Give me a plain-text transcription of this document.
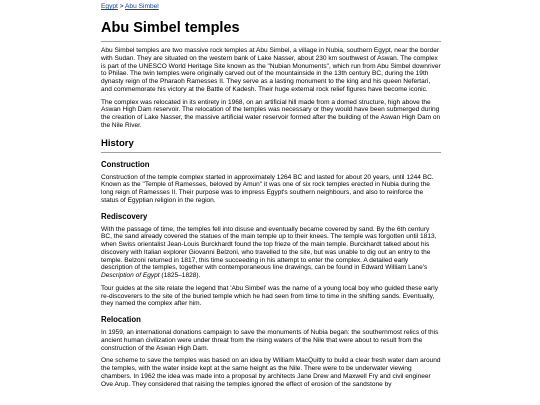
Egypt > Abu Simbel
Abu Simbel temples

Abu Simbel temples are two massive rock temples at Abu Simbel, a village in Nubia, southern Egypt, near the border with Sudan. They are situated on the western bank of Lake Nasser, about 230 km southwest of Aswan. The complex is part of the UNESCO World Heritage Site known as the "Nubian Monuments", which run from Abu Simbel downriver to Philae. The twin temples were originally carved out of the mountainside in the 13th century BC, during the 19th dynasty reign of the Pharaoh Ramesses II. They serve as a lasting monument to the king and his queen Nefertari, and commemorate his victory at the Battle of Kadesh. Their huge external rock relief figures have become iconic.

The complex was relocated in its entirety in 1968, on an artificial hill made from a domed structure, high above the Aswan High Dam reservoir. The relocation of the temples was necessary or they would have been submerged during the creation of Lake Nasser, the massive artificial water reservoir formed after the building of the Aswan High Dam on the Nile River.

History
Construction

Construction of the temple complex started in approximately 1264 BC and lasted for about 20 years, until 1244 BC. Known as the "Temple of Ramesses, beloved by Amun" it was one of six rock temples erected in Nubia during the long reign of Ramesses II. Their purpose was to impress Egypt's southern neighbours, and also to reinforce the status of Egyptian religion in the region.

Rediscovery

With the passage of time, the temples fell into disuse and eventually became covered by sand. By the 6th century BC, the sand already covered the statues of the main temple up to their knees. The temple was forgotten until 1813, when Swiss orientalist Jean-Louis Burckhardt found the top frieze of the main temple. Burckhardt talked about his discovery with Italian explorer Giovanni Belzoni, who travelled to the site, but was unable to dig out an entry to the temple. Belzoni returned in 1817, this time succeeding in his attempt to enter the complex. A detailed early description of the temples, together with contemporaneous line drawings, can be found in Edward William Lane's Description of Egypt (1825–1828).

Tour guides at the site relate the legend that 'Abu Simbel' was the name of a young local boy who guided these early re-discoverers to the site of the buried temple which he had seen from time to time in the shifting sands. Eventually, they named the complex after him.

Relocation

In 1959, an international donations campaign to save the monuments of Nubia began: the southernmost relics of this ancient human civilization were under threat from the rising waters of the Nile that were about to result from the construction of the Aswan High Dam.

One scheme to save the temples was based on an idea by William MacQuitty to build a clear fresh water dam around the temples, with the water inside kept at the same height as the Nile. There were to be underwater viewing chambers. In 1962 the idea was made into a proposal by architects Jane Drew and Maxwell Fry and civil engineer Ove Arup. They considered that raising the temples ignored the effect of erosion of the sandstone by
